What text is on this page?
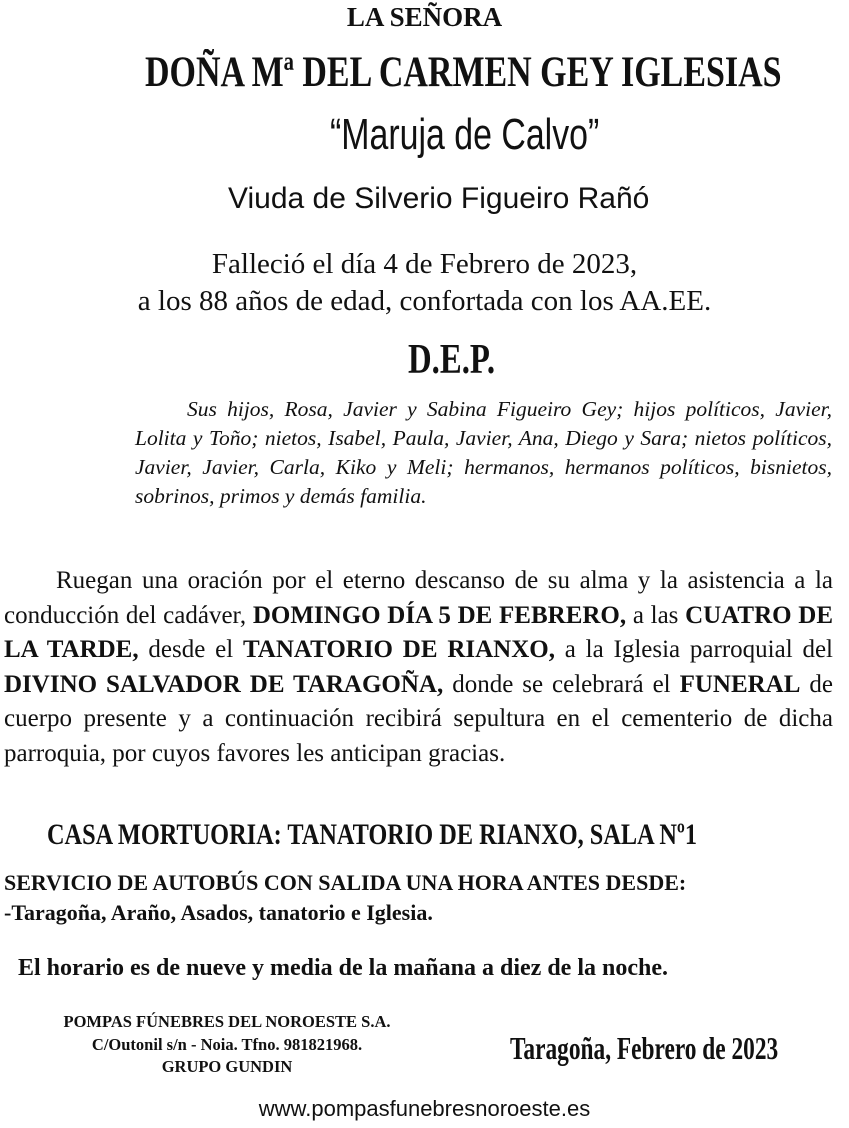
LA SEÑORA
DOÑA Mª DEL CARMEN GEY IGLESIAS
“Maruja de Calvo”
Viuda de Silverio Figueiro Rañó
Falleció el día 4 de Febrero de 2023,
a los 88 años de edad, confortada con los AA.EE.
D.E.P.
Sus hijos, Rosa, Javier y Sabina Figueiro Gey; hijos políticos, Javier, Lolita y Toño; nietos, Isabel, Paula, Javier, Ana, Diego y Sara; nietos políticos, Javier, Javier, Carla, Kiko y Meli; hermanos, hermanos políticos, bisnietos, sobrinos, primos y demás familia.
Ruegan una oración por el eterno descanso de su alma y la asistencia a la conducción del cadáver, DOMINGO DÍA 5 DE FEBRERO, a las CUATRO DE LA TARDE, desde el TANATORIO DE RIANXO, a la Iglesia parroquial del DIVINO SALVADOR DE TARAGOÑA, donde se celebrará el FUNERAL de cuerpo presente y a continuación recibirá sepultura en el cementerio de dicha parroquia, por cuyos favores les anticipan gracias.
CASA MORTUORIA: TANATORIO DE RIANXO, SALA Nº1
SERVICIO DE AUTOBÚS CON SALIDA UNA HORA ANTES DESDE:
-Taragoña, Araño, Asados, tanatorio e Iglesia.
El horario es de nueve y media de la mañana a diez de la noche.
POMPAS FÚNEBRES DEL NOROESTE S.A.
C/Outonil s/n - Noia. Tfno. 981821968.
GRUPO GUNDIN
Taragoña, Febrero de 2023
www.pompasfunebresnoroeste.es
